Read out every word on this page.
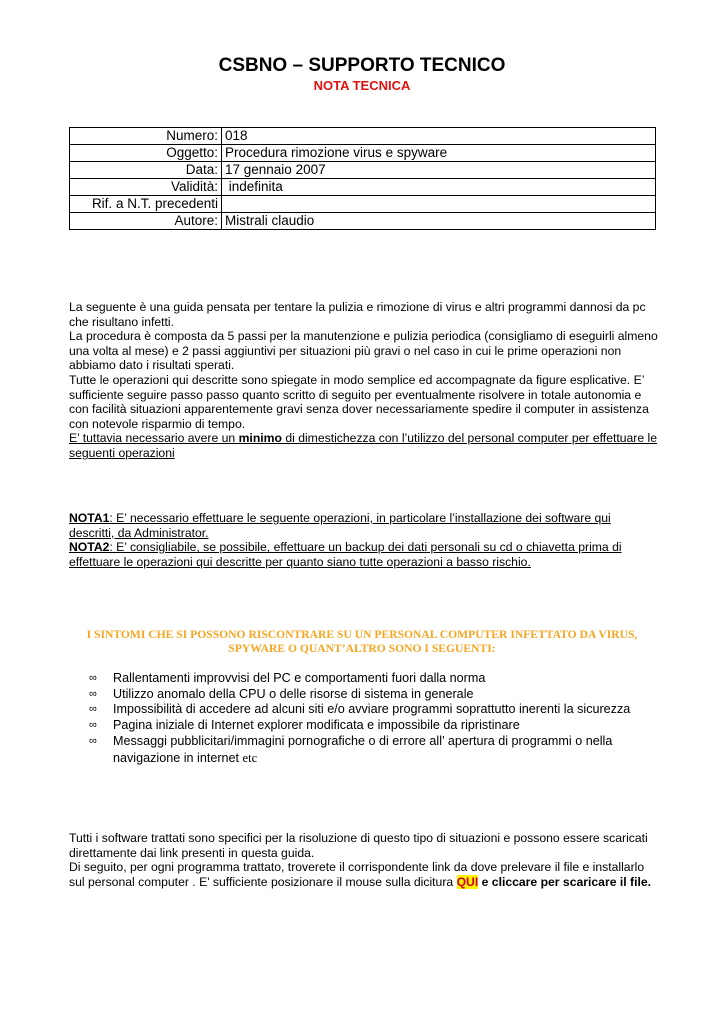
CSBNO – SUPPORTO TECNICO
NOTA TECNICA
Numero:	018
Oggetto:	Procedura rimozione virus e spyware
Data:	17 gennaio 2007
Validità:	indefinita
Rif. a N.T. precedenti	
Autore:	Mistrali claudio
La seguente è una guida pensata per tentare la pulizia e rimozione di virus e altri programmi dannosi da pc che risultano infetti.
La procedura è composta da 5 passi per la manutenzione e pulizia periodica (consigliamo di eseguirli almeno una volta al mese) e 2 passi aggiuntivi per situazioni più gravi o nel caso in cui le prime operazioni non abbiamo dato i risultati sperati.
Tutte le operazioni qui descritte sono spiegate in modo semplice ed accompagnate da figure esplicative. E’ sufficiente seguire passo passo quanto scritto di seguito per eventualmente risolvere in totale autonomia e con facilità situazioni apparentemente gravi senza dover necessariamente spedire il computer in assistenza con notevole risparmio di tempo.
E’ tuttavia necessario avere un minimo di dimestichezza con l’utilizzo del personal computer per effettuare le seguenti operazioni
NOTA1: E’ necessario effettuare le seguente operazioni, in particolare l’installazione dei software qui descritti, da Administrator.
NOTA2: E’ consigliabile, se possibile, effettuare un backup dei dati personali su cd o chiavetta prima di effettuare le operazioni qui descritte per quanto siano tutte operazioni a basso rischio.

I SINTOMI CHE SI POSSONO RISCONTRARE SU UN PERSONAL COMPUTER INFETTATO DA VIRUS, SPYWARE O QUANT’ALTRO SONO I SEGUENTI:

∞ Rallentamenti improvvisi del PC e comportamenti fuori dalla norma
∞ Utilizzo anomalo della CPU o delle risorse di sistema in generale
∞ Impossibilità di accedere ad alcuni siti e/o avviare programmi soprattutto inerenti la sicurezza
∞ Pagina iniziale di Internet explorer modificata e impossibile da ripristinare
∞ Messaggi pubblicitari/immagini pornografiche o di errore all’ apertura di programmi o nella navigazione in internet etc
Tutti i software trattati sono specifici per la risoluzione di questo tipo di situazioni e possono essere scaricati direttamente dai link presenti in questa guida.
Di seguito, per ogni programma trattato, troverete il corrispondente link da dove prelevare il file e installarlo sul personal computer . E' sufficiente posizionare il mouse sulla dicitura QUI e cliccare per scaricare il file.
